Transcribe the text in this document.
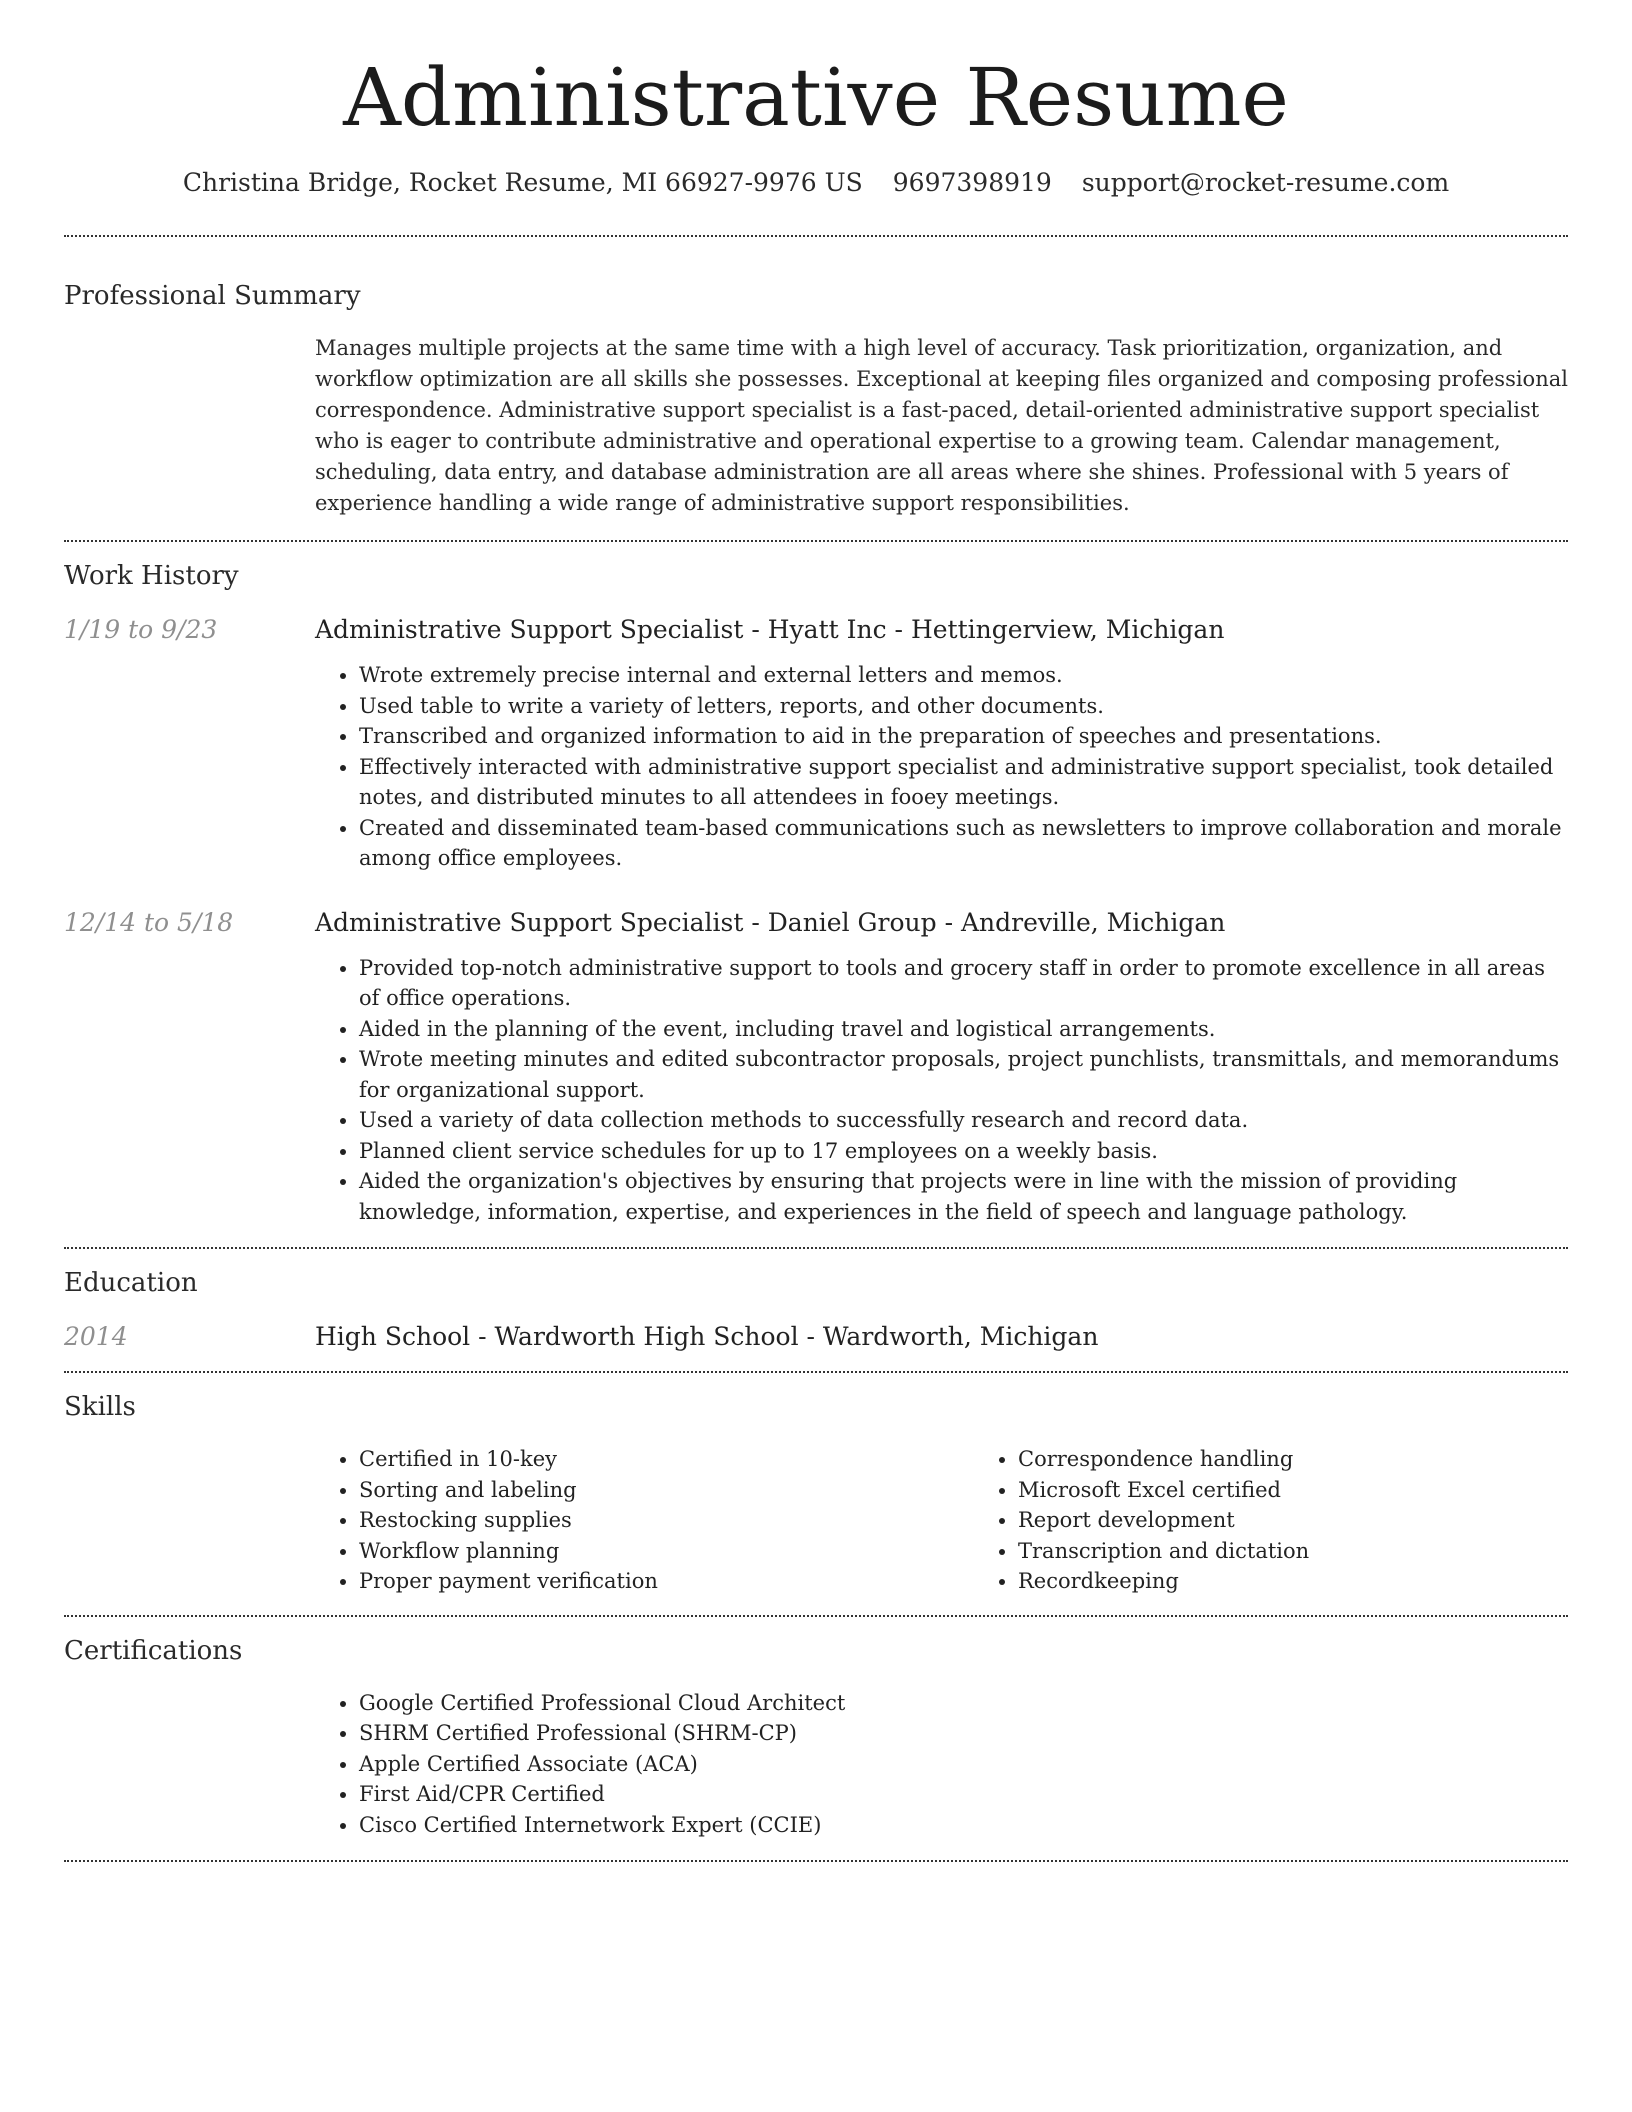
Administrative Resume
Christina Bridge, Rocket Resume, MI 66927-9976 US 9697398919 support@rocket-resume.com
Professional Summary

Manages multiple projects at the same time with a high level of accuracy. Task prioritization, organization, and workflow optimization are all skills she possesses. Exceptional at keeping files organized and composing professional correspondence. Administrative support specialist is a fast-paced, detail-oriented administrative support specialist who is eager to contribute administrative and operational expertise to a growing team. Calendar management, scheduling, data entry, and database administration are all areas where she shines. Professional with 5 years of experience handling a wide range of administrative support responsibilities.

Work History
1/19 to 9/23	Administrative Support Specialist - Hyatt Inc - Hettingerview, Michigan
• Wrote extremely precise internal and external letters and memos.
• Used table to write a variety of letters, reports, and other documents.
• Transcribed and organized information to aid in the preparation of speeches and presentations.
• Effectively interacted with administrative support specialist and administrative support specialist, took detailed notes, and distributed minutes to all attendees in fooey meetings.
• Created and disseminated team-based communications such as newsletters to improve collaboration and morale among office employees.
12/14 to 5/18	Administrative Support Specialist - Daniel Group - Andreville, Michigan
• Provided top-notch administrative support to tools and grocery staff in order to promote excellence in all areas of office operations.
• Aided in the planning of the event, including travel and logistical arrangements.
• Wrote meeting minutes and edited subcontractor proposals, project punchlists, transmittals, and memorandums for organizational support.
• Used a variety of data collection methods to successfully research and record data.
• Planned client service schedules for up to 17 employees on a weekly basis.
• Aided the organization's objectives by ensuring that projects were in line with the mission of providing knowledge, information, expertise, and experiences in the field of speech and language pathology.
Education
2014	High School - Wardworth High School - Wardworth, Michigan
Skills
• Certified in 10-key
• Sorting and labeling
• Restocking supplies
• Workflow planning
• Proper payment verification
• Correspondence handling
• Microsoft Excel certified
• Report development
• Transcription and dictation
• Recordkeeping
Certifications
• Google Certified Professional Cloud Architect
• SHRM Certified Professional (SHRM-CP)
• Apple Certified Associate (ACA)
• First Aid/CPR Certified
• Cisco Certified Internetwork Expert (CCIE)
